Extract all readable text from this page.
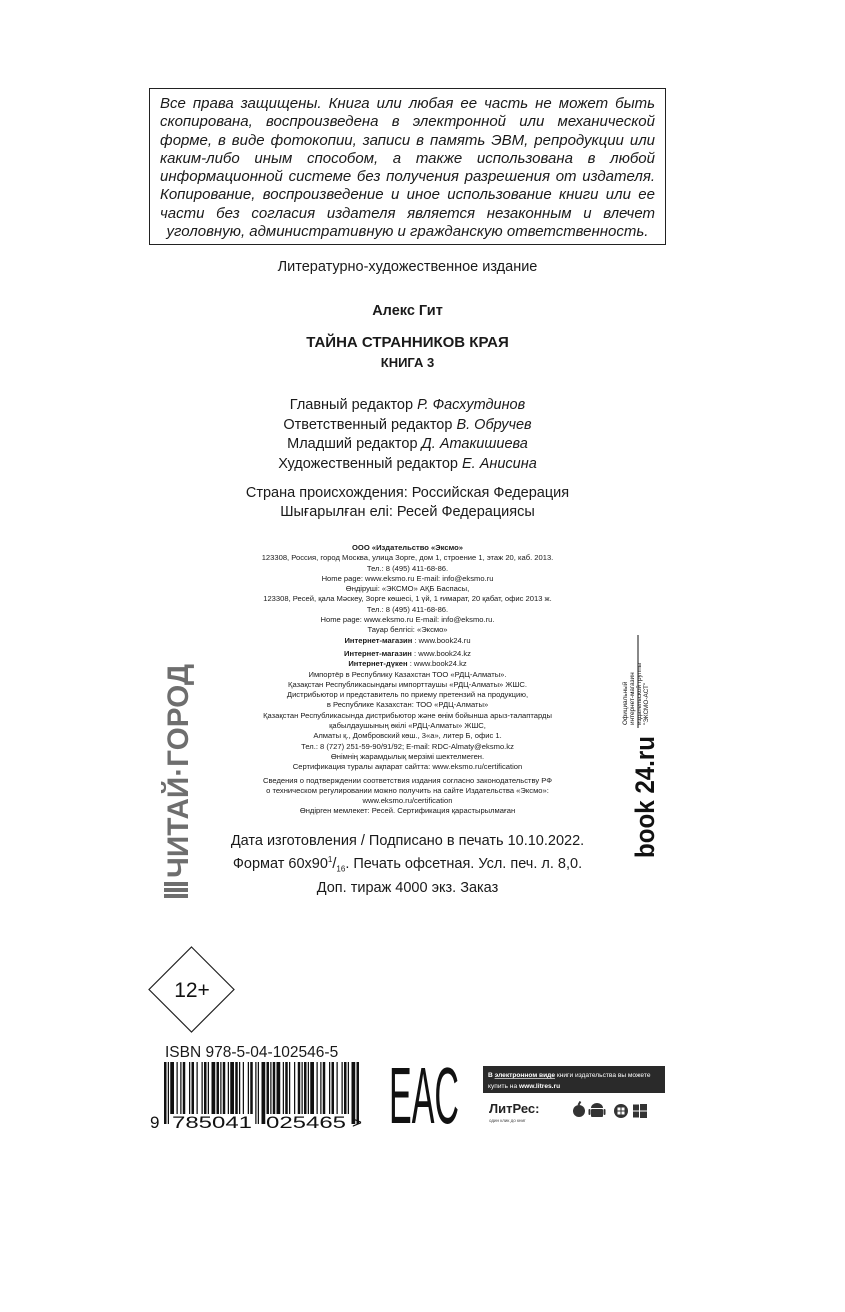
Все права защищены. Книга или любая ее часть не может быть скопирована, воспроизведена в электронной или механической форме, в виде фотокопии, записи в память ЭВМ, репродукции или каким-либо иным способом, а также использована в любой информационной системе без получения разрешения от издателя. Копирование, воспроизведение и иное использование книги или ее части без согласия издателя является незаконным и влечет уголовную, административную и гражданскую ответственность.

Литературно-художественное издание
Алекс Гит
ТАЙНА СТРАННИКОВ КРАЯ
КНИГА 3
Главный редактор Р. Фасхутдинов
Ответственный редактор В. Обручев
Младший редактор Д. Атакишиева
Художественный редактор Е. Анисина
Страна происхождения: Российская Федерация
Шығарылған елі: Ресей Федерациясы
ООО «Издательство «Эксмо»
123308, Россия, город Москва, улица Зорге, дом 1, строение 1, этаж 20, каб. 2013.
Тел.: 8 (495) 411-68-86.
Home page: www.eksmo.ru E-mail: info@eksmo.ru
Өндіруші: «ЭКСМО» АҚБ Баспасы,
123308, Ресей, қала Мәскеу, Зорге көшесі, 1 үй, 1 ғимарат, 20 қабат, офис 2013 ж.
Тел.: 8 (495) 411-68-86.
Home page: www.eksmo.ru E-mail: info@eksmo.ru.
Тауар белгісі: «Эксмо»
Интернет-магазин : www.book24.ru
Интернет-магазин : www.book24.kz
Интернет-дүкен : www.book24.kz
Импортёр в Республику Казахстан ТОО «РДЦ-Алматы».
Қазақстан Республикасындағы импорттаушы «РДЦ-Алматы» ЖШС.
Дистрибьютор и представитель по приему претензий на продукцию,
в Республике Казахстан: ТОО «РДЦ-Алматы»
Қазақстан Республикасында дистрибьютор және өнім бойынша арыз-талаптарды
қабылдаушының өкілі «РДЦ-Алматы» ЖШС,
Алматы қ., Домбровский көш., 3«а», литер Б, офис 1.
Тел.: 8 (727) 251-59-90/91/92; E-mail: RDC-Almaty@eksmo.kz
Өнімнің жарамдылық мерзімі шектелмеген.
Сертификация туралы ақпарат сайтта: www.eksmo.ru/certification
Сведения о подтверждении соответствия издания согласно законодательству РФ
о техническом регулировании можно получить на сайте Издательства «Эксмо»:
www.eksmo.ru/certification
Өндірген мемлекет: Ресей. Сертификация қарастырылмаған
Дата изготовления / Подписано в печать 10.10.2022.
Формат $60х90^1/_{16}$. Печать офсетная. Усл. печ. л. 8,0.
Доп. тираж 4000 экз. Заказ
ЧИТАЙ·ГОРОД	book 24.ru
Официальный интернет-магазин издательской группы "ЭКСМО-АСТ"
12+
ISBN 978-5-04-102546-5
9 785041 025465 > EAC	В электронном виде книги издательства вы можете
купить на www.litres.ru
ЛитРес:
один клик до книг
